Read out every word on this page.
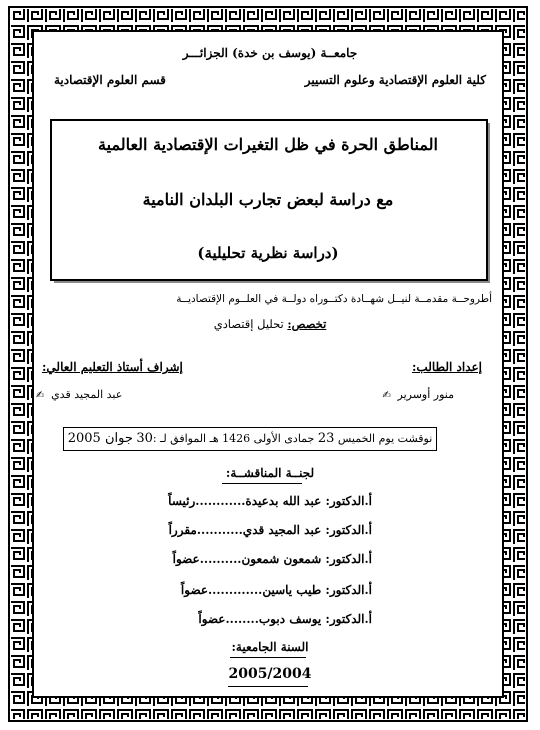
جامعــة (يوسف بن خدة) الجزائـــر
كلية العلوم الإقتصادية وعلوم التسيير
قسم العلوم الإقتصادية
المناطق الحرة في ظل التغيرات الإقتصادية العالمية
مع دراسة لبعض تجارب البلدان النامية
(دراسة نظرية تحليلية)
أطروحــة مقدمــة لنيــل شهــادة دكتــوراه دولــة في العلــوم الإقتصاديــة
تخصص: تحليل إقتصادي
إعداد الطالب:
إشراف أستاذ التعليم العالي:
منور أوسرير  ✍
عبد المجيد قدي  ✍
نوقشت يوم الخميس 23 جمادى الأولى 1426 هـ الموافق لـ :30 جوان 2005
لجنــة المناقشــة:
أ.الدكتور: عبد الله بدعيدة............رئيساً
أ.الدكتور: عبد المجيد قدي...........مقرراً
أ.الدكتور: شمعون شمعون..........عضواً
أ.الدكتور: طيب ياسين.............عضواً
أ.الدكتور: يوسف دبوب........عضواً
السنة الجامعية:
2005/2004
